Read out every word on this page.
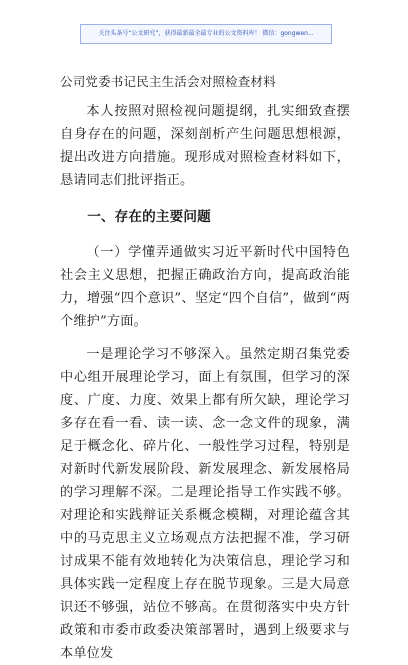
关注头条号“公文研究”，获得最新最全最专业的公文资料库！ 微信：gongwen...
公司党委书记民主生活会对照检查材料

本人按照对照检视问题提纲，扎实细致查摆自身存在的问题，深刻剖析产生问题思想根源，提出改进方向措施。现形成对照检查材料如下，恳请同志们批评指正。

一、存在的主要问题

（一）学懂弄通做实习近平新时代中国特色社会主义思想，把握正确政治方向，提高政治能力，增强“四个意识”、坚定“四个自信”，做到“两个维护”方面。

一是理论学习不够深入。虽然定期召集党委中心组开展理论学习，面上有氛围，但学习的深度、广度、力度、效果上都有所欠缺，理论学习多存在看一看、读一读、念一念文件的现象，满足于概念化、碎片化、一般性学习过程，特别是对新时代新发展阶段、新发展理念、新发展格局的学习理解不深。二是理论指导工作实践不够。对理论和实践辩证关系概念模糊，对理论蕴含其中的马克思主义立场观点方法把握不准，学习研讨成果不能有效地转化为决策信息，理论学习和具体实践一定程度上存在脱节现象。三是大局意识还不够强，站位不够高。在贯彻落实中央方针政策和市委市政委决策部署时，遇到上级要求与本单位发
